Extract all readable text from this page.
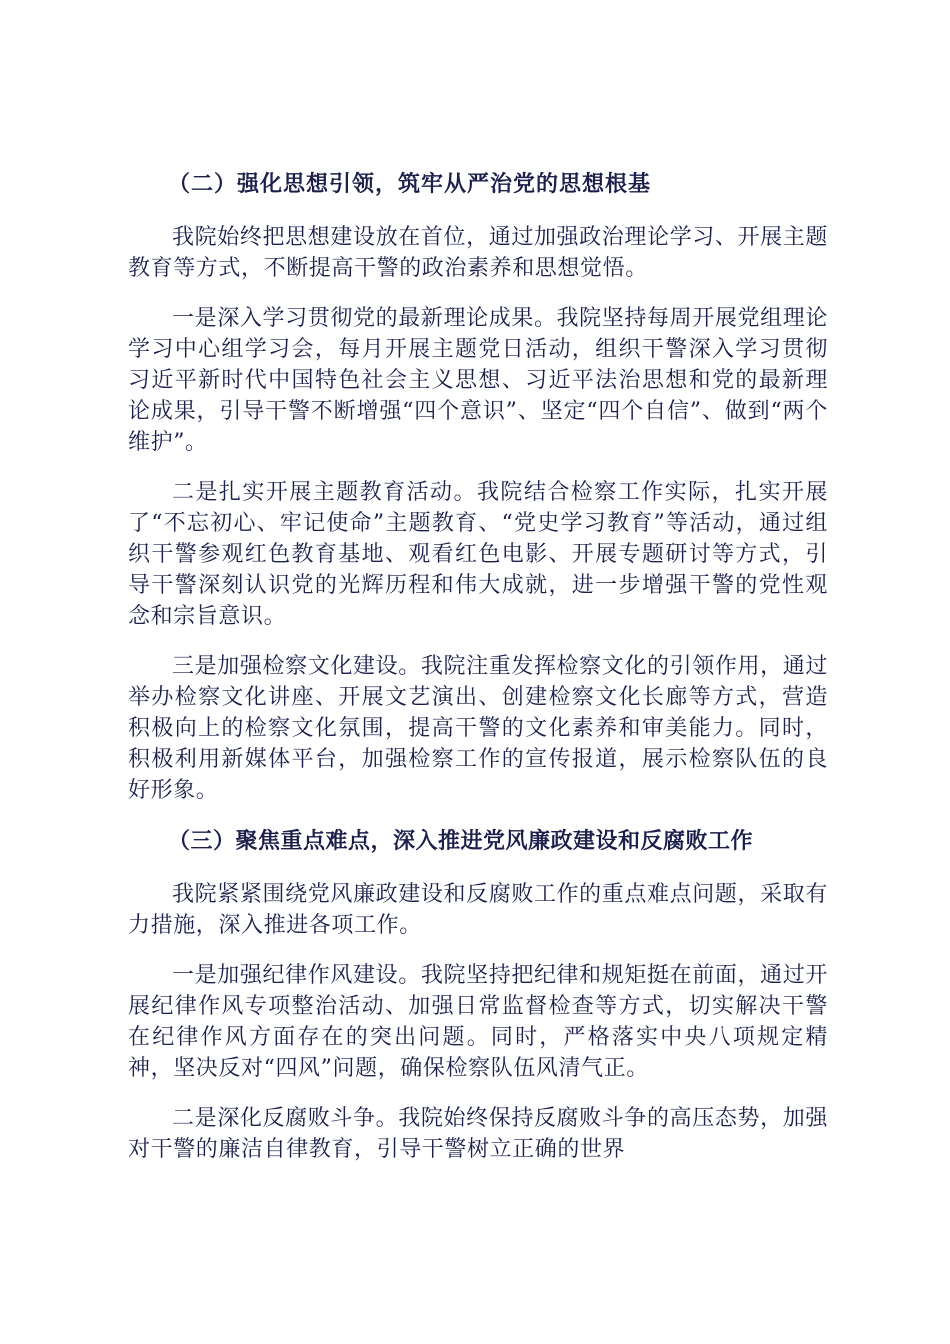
（二）强化思想引领，筑牢从严治党的思想根基

我院始终把思想建设放在首位，通过加强政治理论学习、开展主题教育等方式，不断提高干警的政治素养和思想觉悟。

一是深入学习贯彻党的最新理论成果。我院坚持每周开展党组理论学习中心组学习会，每月开展主题党日活动，组织干警深入学习贯彻习近平新时代中国特色社会主义思想、习近平法治思想和党的最新理论成果，引导干警不断增强“四个意识”、坚定“四个自信”、做到“两个维护”。

二是扎实开展主题教育活动。我院结合检察工作实际，扎实开展了“不忘初心、牢记使命”主题教育、“党史学习教育”等活动，通过组织干警参观红色教育基地、观看红色电影、开展专题研讨等方式，引导干警深刻认识党的光辉历程和伟大成就，进一步增强干警的党性观念和宗旨意识。

三是加强检察文化建设。我院注重发挥检察文化的引领作用，通过举办检察文化讲座、开展文艺演出、创建检察文化长廊等方式，营造积极向上的检察文化氛围，提高干警的文化素养和审美能力。同时，积极利用新媒体平台，加强检察工作的宣传报道，展示检察队伍的良好形象。

（三）聚焦重点难点，深入推进党风廉政建设和反腐败工作

我院紧紧围绕党风廉政建设和反腐败工作的重点难点问题，采取有力措施，深入推进各项工作。

一是加强纪律作风建设。我院坚持把纪律和规矩挺在前面，通过开展纪律作风专项整治活动、加强日常监督检查等方式，切实解决干警在纪律作风方面存在的突出问题。同时，严格落实中央八项规定精神，坚决反对“四风”问题，确保检察队伍风清气正。

二是深化反腐败斗争。我院始终保持反腐败斗争的高压态势，加强对干警的廉洁自律教育，引导干警树立正确的世界
